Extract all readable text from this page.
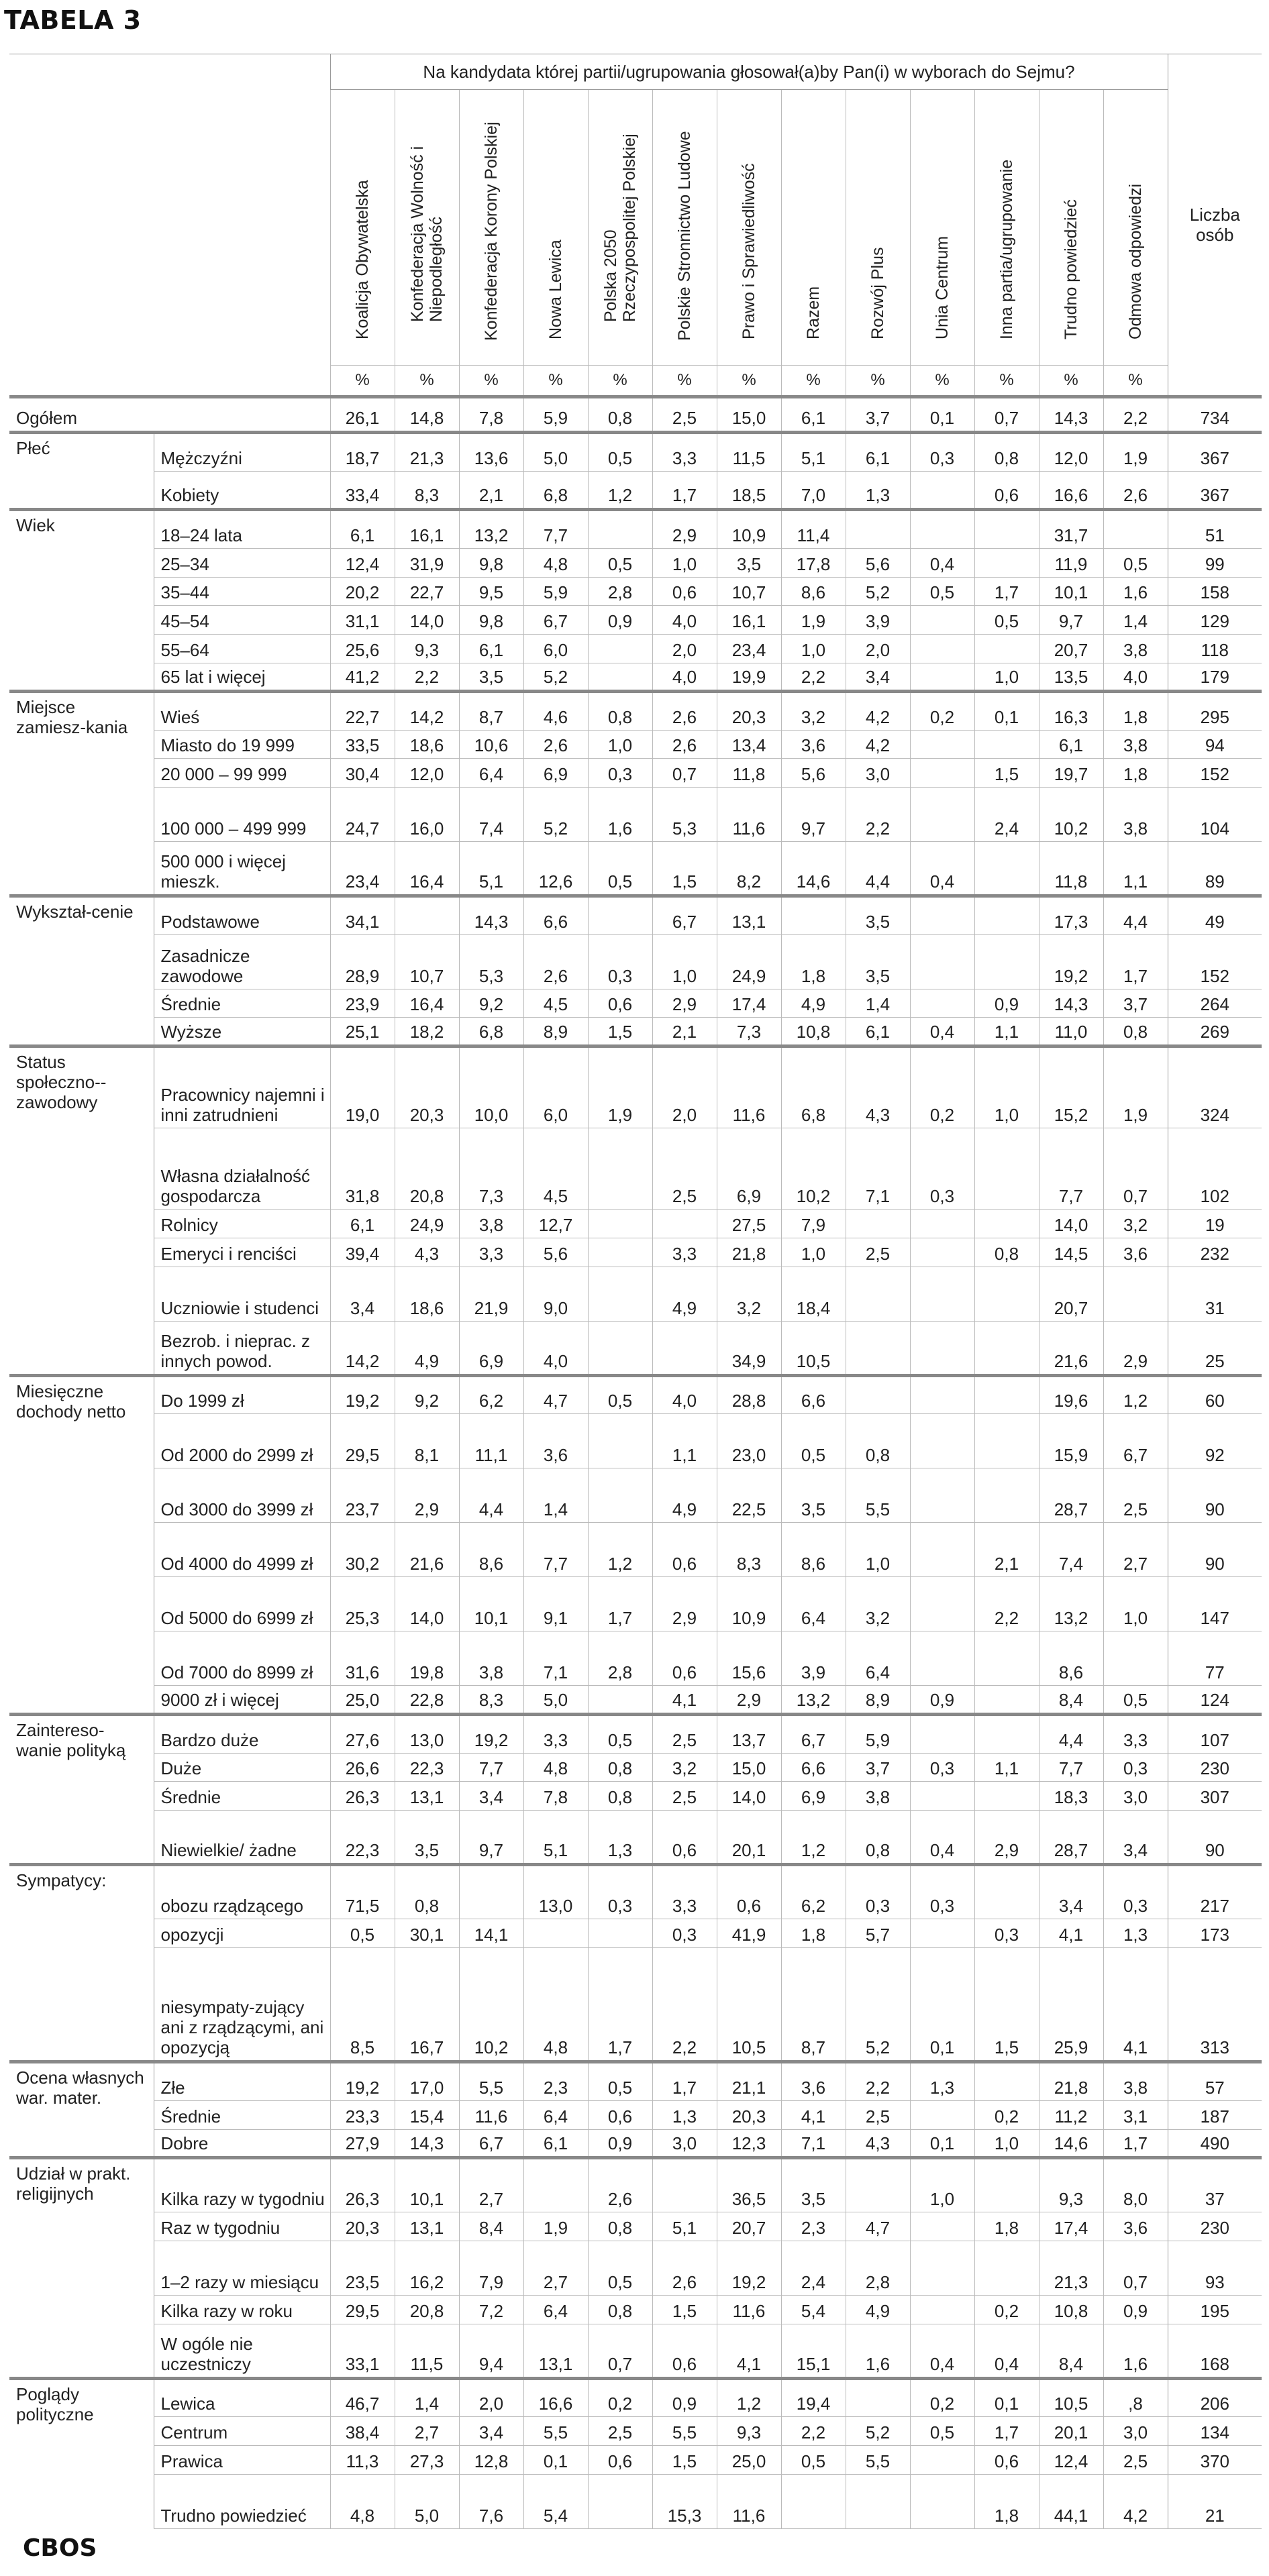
TABELA 3
		Na kandydata której partii/ugrupowania głosował(a)by Pan(i) w wyborach do Sejmu?													Liczba osób

		Koalicja Obywatelska	Konfederacja Wolność i Niepodległość	Konfederacja Korony Polskiej	Nowa Lewica	Polska 2050 Rzeczypospolitej Polskiej	Polskie Stronnictwo Ludowe	Prawo i Sprawiedliwość	Razem	Rozwój Plus	Unia Centrum	Inna partia/ugrupowanie	Trudno powiedzieć	Odmowa odpowiedzi	

		%	%	%	%	%	%	%	%	%	%	%	%	%	
Ogółem		26,1	14,8	7,8	5,9	0,8	2,5	15,0	6,1	3,7	0,1	0,7	14,3	2,2	734
Płeć	Mężczyźni	18,7	21,3	13,6	5,0	0,5	3,3	11,5	5,1	6,1	0,3	0,8	12,0	1,9	367
	Kobiety	33,4	8,3	2,1	6,8	1,2	1,7	18,5	7,0	1,3		0,6	16,6	2,6	367
Wiek	18–24 lata	6,1	16,1	13,2	7,7		2,9	10,9	11,4				31,7		51
	25–34	12,4	31,9	9,8	4,8	0,5	1,0	3,5	17,8	5,6	0,4		11,9	0,5	99
	35–44	20,2	22,7	9,5	5,9	2,8	0,6	10,7	8,6	5,2	0,5	1,7	10,1	1,6	158
	45–54	31,1	14,0	9,8	6,7	0,9	4,0	16,1	1,9	3,9		0,5	9,7	1,4	129
	55–64	25,6	9,3	6,1	6,0		2,0	23,4	1,0	2,0			20,7	3,8	118
	65 lat i więcej	41,2	2,2	3,5	5,2		4,0	19,9	2,2	3,4		1,0	13,5	4,0	179
Miejsce zamiesz-kania	Wieś	22,7	14,2	8,7	4,6	0,8	2,6	20,3	3,2	4,2	0,2	0,1	16,3	1,8	295
	Miasto do 19 999	33,5	18,6	10,6	2,6	1,0	2,6	13,4	3,6	4,2			6,1	3,8	94
	20 000 – 99 999	30,4	12,0	6,4	6,9	0,3	0,7	11,8	5,6	3,0		1,5	19,7	1,8	152
	100 000 – 499 999	24,7	16,0	7,4	5,2	1,6	5,3	11,6	9,7	2,2		2,4	10,2	3,8	104
	500 000 i więcej mieszk.	23,4	16,4	5,1	12,6	0,5	1,5	8,2	14,6	4,4	0,4		11,8	1,1	89
Wykształ-cenie	Podstawowe	34,1		14,3	6,6		6,7	13,1		3,5			17,3	4,4	49
	Zasadnicze zawodowe	28,9	10,7	5,3	2,6	0,3	1,0	24,9	1,8	3,5			19,2	1,7	152
	Średnie	23,9	16,4	9,2	4,5	0,6	2,9	17,4	4,9	1,4		0,9	14,3	3,7	264
	Wyższe	25,1	18,2	6,8	8,9	1,5	2,1	7,3	10,8	6,1	0,4	1,1	11,0	0,8	269
Status społeczno--zawodowy	Pracownicy najemni i inni zatrudnieni	19,0	20,3	10,0	6,0	1,9	2,0	11,6	6,8	4,3	0,2	1,0	15,2	1,9	324
	Własna działalność gospodarcza	31,8	20,8	7,3	4,5		2,5	6,9	10,2	7,1	0,3		7,7	0,7	102
	Rolnicy	6,1	24,9	3,8	12,7			27,5	7,9				14,0	3,2	19
	Emeryci i renciści	39,4	4,3	3,3	5,6		3,3	21,8	1,0	2,5		0,8	14,5	3,6	232
	Uczniowie i studenci	3,4	18,6	21,9	9,0		4,9	3,2	18,4				20,7		31
	Bezrob. i nieprac. z innych powod.	14,2	4,9	6,9	4,0			34,9	10,5				21,6	2,9	25
Miesięczne dochody netto	Do 1999 zł	19,2	9,2	6,2	4,7	0,5	4,0	28,8	6,6				19,6	1,2	60
	Od 2000 do 2999 zł	29,5	8,1	11,1	3,6		1,1	23,0	0,5	0,8			15,9	6,7	92
	Od 3000 do 3999 zł	23,7	2,9	4,4	1,4		4,9	22,5	3,5	5,5			28,7	2,5	90
	Od 4000 do 4999 zł	30,2	21,6	8,6	7,7	1,2	0,6	8,3	8,6	1,0		2,1	7,4	2,7	90
	Od 5000 do 6999 zł	25,3	14,0	10,1	9,1	1,7	2,9	10,9	6,4	3,2		2,2	13,2	1,0	147
	Od 7000 do 8999 zł	31,6	19,8	3,8	7,1	2,8	0,6	15,6	3,9	6,4			8,6		77
	9000 zł i więcej	25,0	22,8	8,3	5,0		4,1	2,9	13,2	8,9	0,9		8,4	0,5	124
Zaintereso-wanie polityką	Bardzo duże	27,6	13,0	19,2	3,3	0,5	2,5	13,7	6,7	5,9			4,4	3,3	107
	Duże	26,6	22,3	7,7	4,8	0,8	3,2	15,0	6,6	3,7	0,3	1,1	7,7	0,3	230
	Średnie	26,3	13,1	3,4	7,8	0,8	2,5	14,0	6,9	3,8			18,3	3,0	307
	Niewielkie/ żadne	22,3	3,5	9,7	5,1	1,3	0,6	20,1	1,2	0,8	0,4	2,9	28,7	3,4	90
Sympatycy:	obozu rządzącego	71,5	0,8		13,0	0,3	3,3	0,6	6,2	0,3	0,3		3,4	0,3	217
	opozycji	0,5	30,1	14,1			0,3	41,9	1,8	5,7		0,3	4,1	1,3	173
	niesympaty-zujący ani z rządzącymi, ani opozycją	8,5	16,7	10,2	4,8	1,7	2,2	10,5	8,7	5,2	0,1	1,5	25,9	4,1	313
Ocena własnych war. mater.	Złe	19,2	17,0	5,5	2,3	0,5	1,7	21,1	3,6	2,2	1,3		21,8	3,8	57
	Średnie	23,3	15,4	11,6	6,4	0,6	1,3	20,3	4,1	2,5		0,2	11,2	3,1	187
	Dobre	27,9	14,3	6,7	6,1	0,9	3,0	12,3	7,1	4,3	0,1	1,0	14,6	1,7	490
Udział w prakt. religijnych	Kilka razy w tygodniu	26,3	10,1	2,7		2,6		36,5	3,5		1,0		9,3	8,0	37
	Raz w tygodniu	20,3	13,1	8,4	1,9	0,8	5,1	20,7	2,3	4,7		1,8	17,4	3,6	230
	1–2 razy w miesiącu	23,5	16,2	7,9	2,7	0,5	2,6	19,2	2,4	2,8			21,3	0,7	93
	Kilka razy w roku	29,5	20,8	7,2	6,4	0,8	1,5	11,6	5,4	4,9		0,2	10,8	0,9	195
	W ogóle nie uczestniczy	33,1	11,5	9,4	13,1	0,7	0,6	4,1	15,1	1,6	0,4	0,4	8,4	1,6	168
Poglądy polityczne	Lewica	46,7	1,4	2,0	16,6	0,2	0,9	1,2	19,4		0,2	0,1	10,5	,8	206
	Centrum	38,4	2,7	3,4	5,5	2,5	5,5	9,3	2,2	5,2	0,5	1,7	20,1	3,0	134
	Prawica	11,3	27,3	12,8	0,1	0,6	1,5	25,0	0,5	5,5		0,6	12,4	2,5	370
	Trudno powiedzieć	4,8	5,0	7,6	5,4		15,3	11,6				1,8	44,1	4,2	21
CBOS
